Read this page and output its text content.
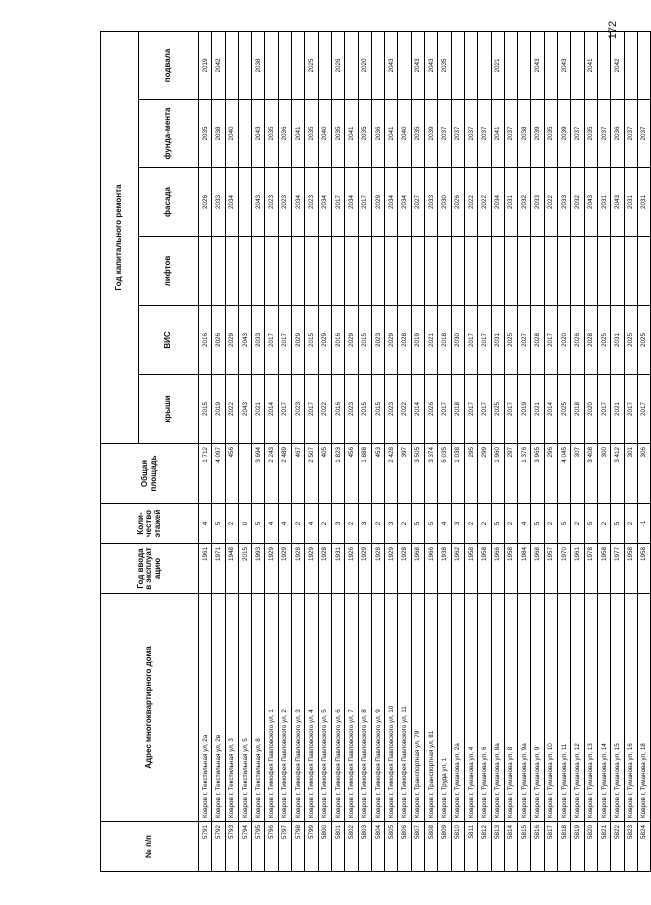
172
№ п/п	Адрес многоквартирного дома	Год ввода в эксплуат ацию	Коли-чество этажей	Общая площадь	Год капитального ремонта					
					крыши	ВИС	лифтов	фасада	фунда-мента	подвала
5791	Ковров г, Текстильная ул, 2а	1961	4	1 712	2015	2016		2026	2035	2019
5792	Ковров г, Текстильная ул, 2в	1971	5	4 097	2019	2026		2033	2038	2042
5793	Ковров г, Текстильная ул, 3	1948	2	456	2022	2029		2034	2040	
5794	Ковров г, Текстильная ул, 5	2015	0		2043	2043				
5795	Ковров г, Текстильная ул, 8	1993	5	3 694	2021	2033		2043	2043	2038
5796	Ковров г, Тимофея Павловского ул, 1	1929	4	2 243	2014	2017		2023	2035	
5797	Ковров г, Тимофея Павловского ул, 2	1929	4	2 489	2017	2017		2023	2036	
5798	Ковров г, Тимофея Павловского ул, 3	1928	2	467	2023	2029		2034	2041	
5799	Ковров г, Тимофея Павловского ул, 4	1929	4	2 507	2017	2015		2023	2035	2025
5800	Ковров г, Тимофея Павловского ул, 5	1928	2	405	2022	2029		2034	2040	
5801	Ковров г, Тимофея Павловского ул, 6	1931	3	1 823	2016	2016		2017	2035	2026
5802	Ковров г, Тимофея Павловского ул, 7	1926	2	456	2023	2029		2034	2041	
5803	Ковров г, Тимофея Павловского ул, 8	1929	3	1 888	2015	2015		2017	2035	2020
5804	Ковров г, Тимофея Павловского ул, 9	1928	2	453	2015	2023		2029	2036	
5805	Ковров г, Тимофея Павловского ул, 10	1929	3	2 428	2023	2029		2034	2041	2043
5806	Ковров г, Тимофея Павловского ул, 11	1928	2	397	2022	2028		2034	2040	
5807	Ковров г, Транспортная ул, 79	1968	5	3 505	2014	2019		2027	2035	2043
5808	Ковров г, Транспортная ул, 81	1966	5	3 374	2026	2021		2033	2039	2043
5809	Ковров г, Труда ул, 1	1938	4	6 035	2017	2018		2030	2037	2035
5810	Ковров г, Туманова ул, 2а	1962	3	1 038	2018	2030		2026	2037	
5811	Ковров г, Туманова ул, 4	1958	2	295	2017	2017		2022	2037	
5812	Ковров г, Туманова ул, 6	1958	2	299	2017	2017		2022	2037	
5813	Ковров г, Туманова ул, 8а	1966	5	1 960	2025	2031		2034	2041	2021
5814	Ковров г, Туманова ул, 8	1958	2	297	2017	2025		2031	2037	
5815	Ковров г, Туманова ул, 9а	1984	4	1 376	2019	2027		2032	2038	
5816	Ковров г, Туманова ул, 9	1968	5	3 965	2021	2028		2033	2039	2043
5817	Ковров г, Туманова ул, 10	1957	2	296	2014	2017		2022	2035	
5818	Ковров г, Туманова ул, 11	1970	5	4 045	2025	2020		2033	2039	2043
5819	Ковров г, Туманова ул, 12	1961	2	307	2018	2026		2032	2037	
5820	Ковров г, Туманова ул, 13	1978	5	3 408	2020	2028		2043	2035	2041
5821	Ковров г, Туманова ул, 14	1958	2	300	2017	2025		2031	2037	
5822	Ковров г, Туманова ул, 15	1977	5	3 412	2021	2031		2043	2036	2042
5823	Ковров г, Туманова ул, 16	1958	2	301	2017	2025		2031	2037	
5824	Ковров г, Туманова ул, 18	1958	-1	306	2017	2025		2031	2037	
